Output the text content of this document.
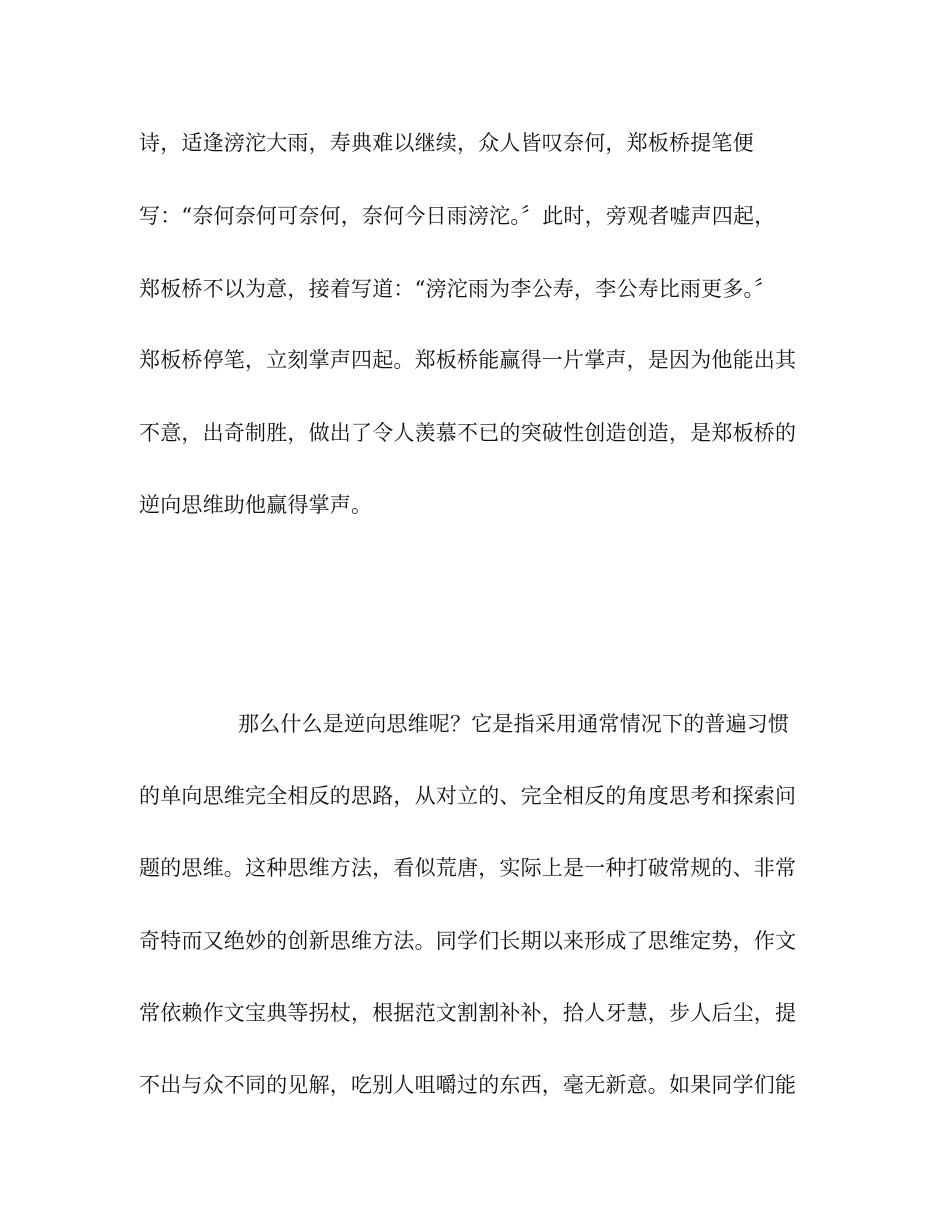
诗，适逢滂沱大雨，寿典难以继续，众人皆叹奈何，郑板桥提笔便
写：“奈何奈何可奈何，奈何今日雨滂沱。〞此时，旁观者嘘声四起，
郑板桥不以为意，接着写道：“滂沱雨为李公寿，李公寿比雨更多。〞
郑板桥停笔，立刻掌声四起。郑板桥能赢得一片掌声，是因为他能出其
不意，出奇制胜，做出了令人羡慕不已的突破性创造创造，是郑板桥的
逆向思维助他赢得掌声。
那么什么是逆向思维呢？它是指采用通常情况下的普遍习惯
的单向思维完全相反的思路，从对立的、完全相反的角度思考和探索问
题的思维。这种思维方法，看似荒唐，实际上是一种打破常规的、非常
奇特而又绝妙的创新思维方法。同学们长期以来形成了思维定势，作文
常依赖作文宝典等拐杖，根据范文割割补补，拾人牙慧，步人后尘，提
不出与众不同的见解，吃别人咀嚼过的东西，毫无新意。如果同学们能
